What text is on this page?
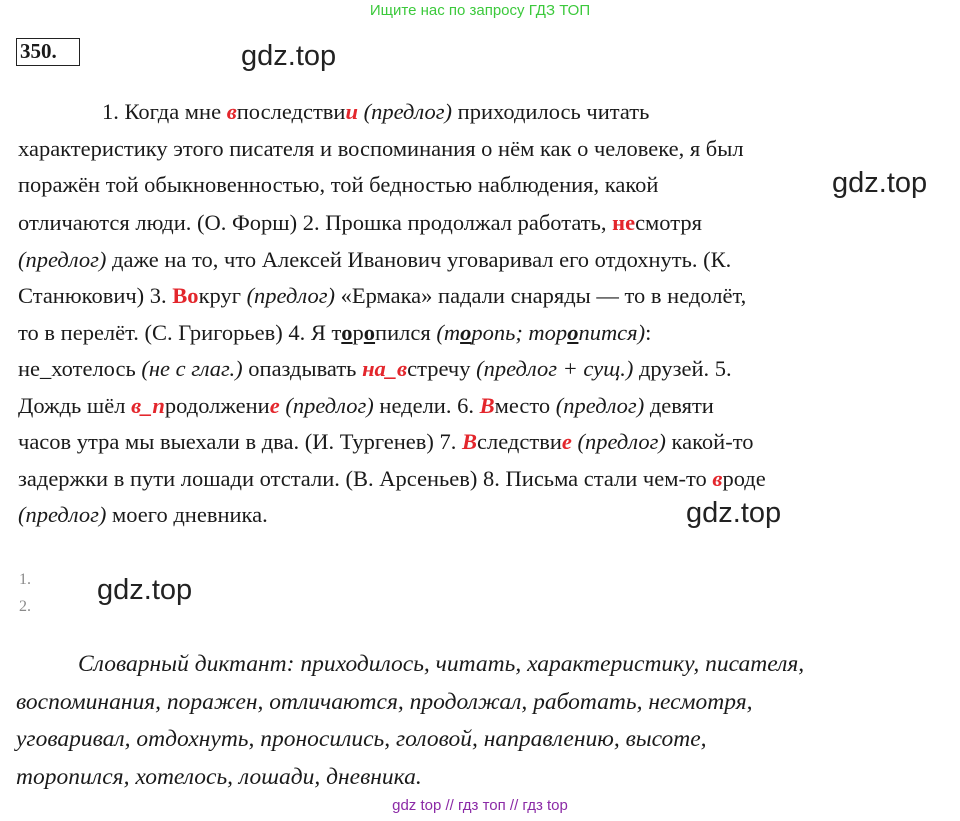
Ищите нас по запросу ГДЗ ТОП
350.	gdz.top
gdz.top
gdz.top
gdz.top
1. Когда мне впоследствии (предлог) приходилось читать
характеристику этого писателя и воспоминания о нём как о человеке, я был
поражён той обыкновенностью, той бедностью наблюдения, какой
отличаются люди. (О. Форш) 2. Прошка продолжал работать, несмотря
(предлог) даже на то, что Алексей Иванович уговаривал его отдохнуть. (К.
Станюкович) 3. Вокруг (предлог) «Ермака» падали снаряды — то в недолёт,
то в перелёт. (С. Григорьев) 4. Я торопился (торопь; торопится):
не_хотелось (не с глаг.) опаздывать на_встречу (предлог + сущ.) друзей. 5.
Дождь шёл в_продолжение (предлог) недели. 6. Вместо (предлог) девяти
часов утра мы выехали в два. (И. Тургенев) 7. Вследствие (предлог) какой-то
задержки в пути лошади отстали. (В. Арсеньев) 8. Письма стали чем-то вроде
(предлог) моего дневника.
1.
2.
Словарный диктант: приходилось, читать, характеристику, писателя,
воспоминания, поражен, отличаются, продолжал, работать, несмотря,
уговаривал, отдохнуть, проносились, головой, направлению, высоте,
торопился, хотелось, лошади, дневника.
gdz top // гдз топ // гдз top
